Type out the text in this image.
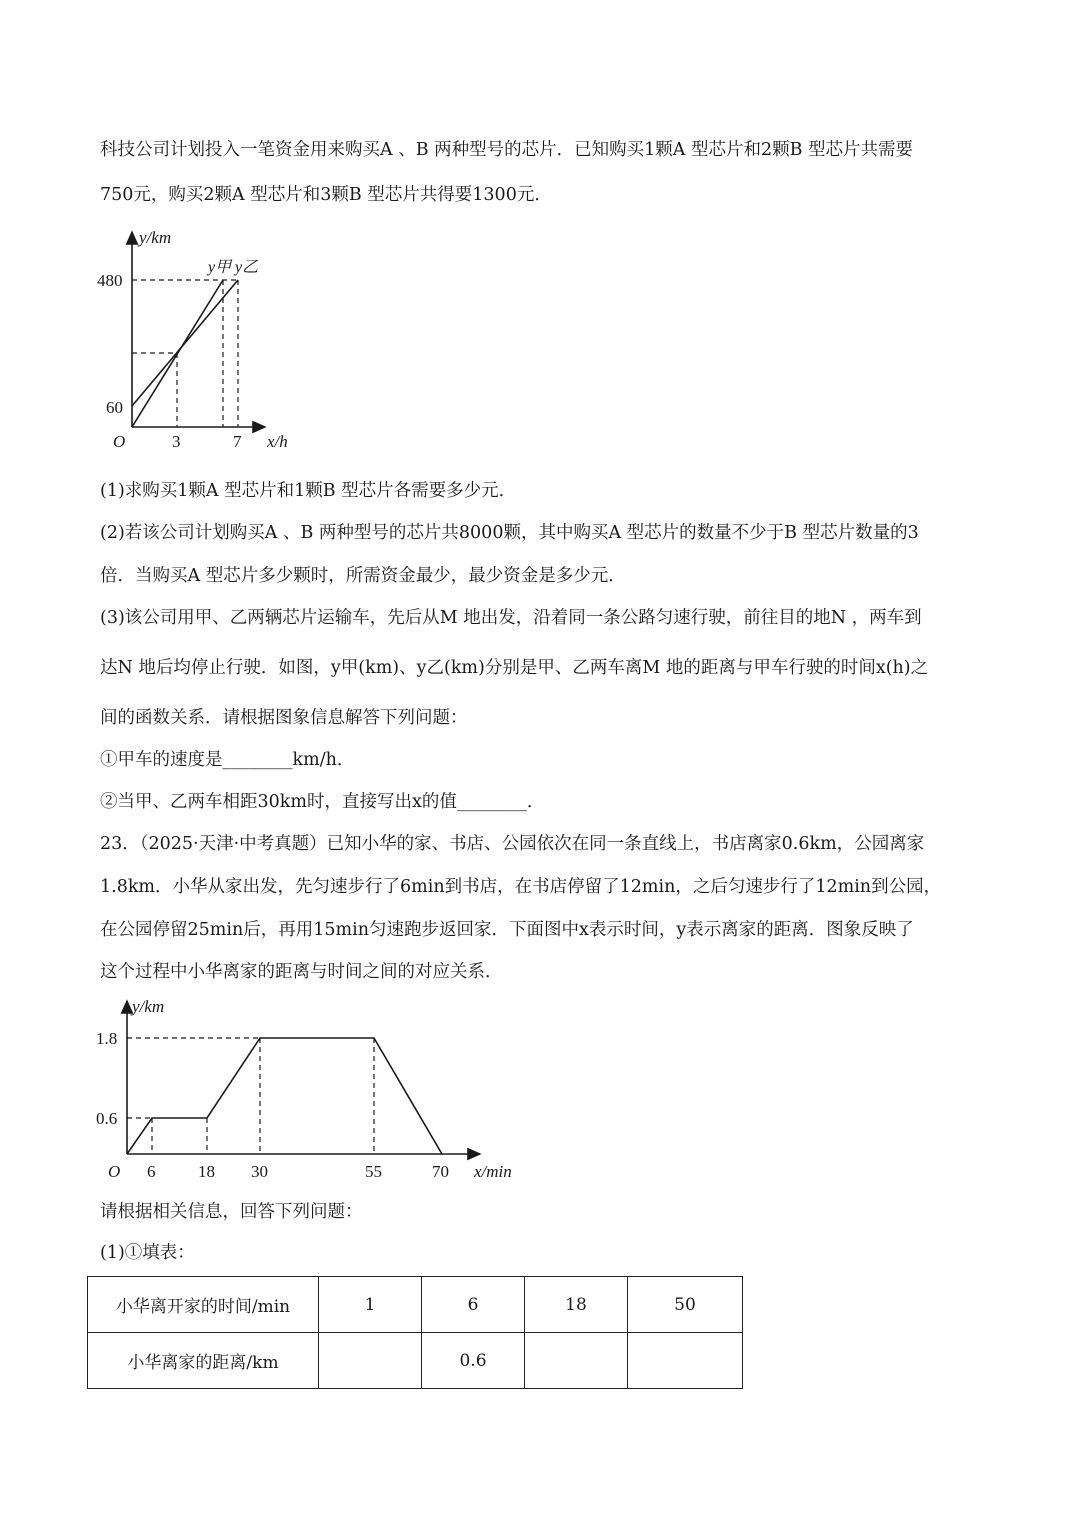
科技公司计划投入一笔资金用来购买A 、B 两种型号的芯片．已知购买1颗A 型芯片和2颗B 型芯片共需要
750元，购买2颗A 型芯片和3颗B 型芯片共得要1300元．
y/km
x/h
O
480
60
3	7
y甲 y乙
(1)求购买1颗A 型芯片和1颗B 型芯片各需要多少元．
(2)若该公司计划购买A 、B 两种型号的芯片共8000颗，其中购买A 型芯片的数量不少于B 型芯片数量的3
倍．当购买A 型芯片多少颗时，所需资金最少，最少资金是多少元．
(3)该公司用甲、乙两辆芯片运输车，先后从M 地出发，沿着同一条公路匀速行驶，前往目的地N ，两车到
达N 地后均停止行驶．如图，y甲(km)、y乙(km)分别是甲、乙两车离M 地的距离与甲车行驶的时间x(h)之
间的函数关系．请根据图象信息解答下列问题：
①甲车的速度是________km/h．
②当甲、乙两车相距30km时，直接写出x的值________．
23．（2025·天津·中考真题）已知小华的家、书店、公园依次在同一条直线上，书店离家0.6km，公园离家
1.8km．小华从家出发，先匀速步行了6min到书店，在书店停留了12min，之后匀速步行了12min到公园，
在公园停留25min后，再用15min匀速跑步返回家．下面图中x表示时间，y表示离家的距离．图象反映了
这个过程中小华离家的距离与时间之间的对应关系．
y/km
x/min
O
1.8
0.6
6	18 30	55	70
请根据相关信息，回答下列问题：
(1)①填表：
小华离开家的时间/min	1	6	18	50
小华离家的距离/km		0.6		
